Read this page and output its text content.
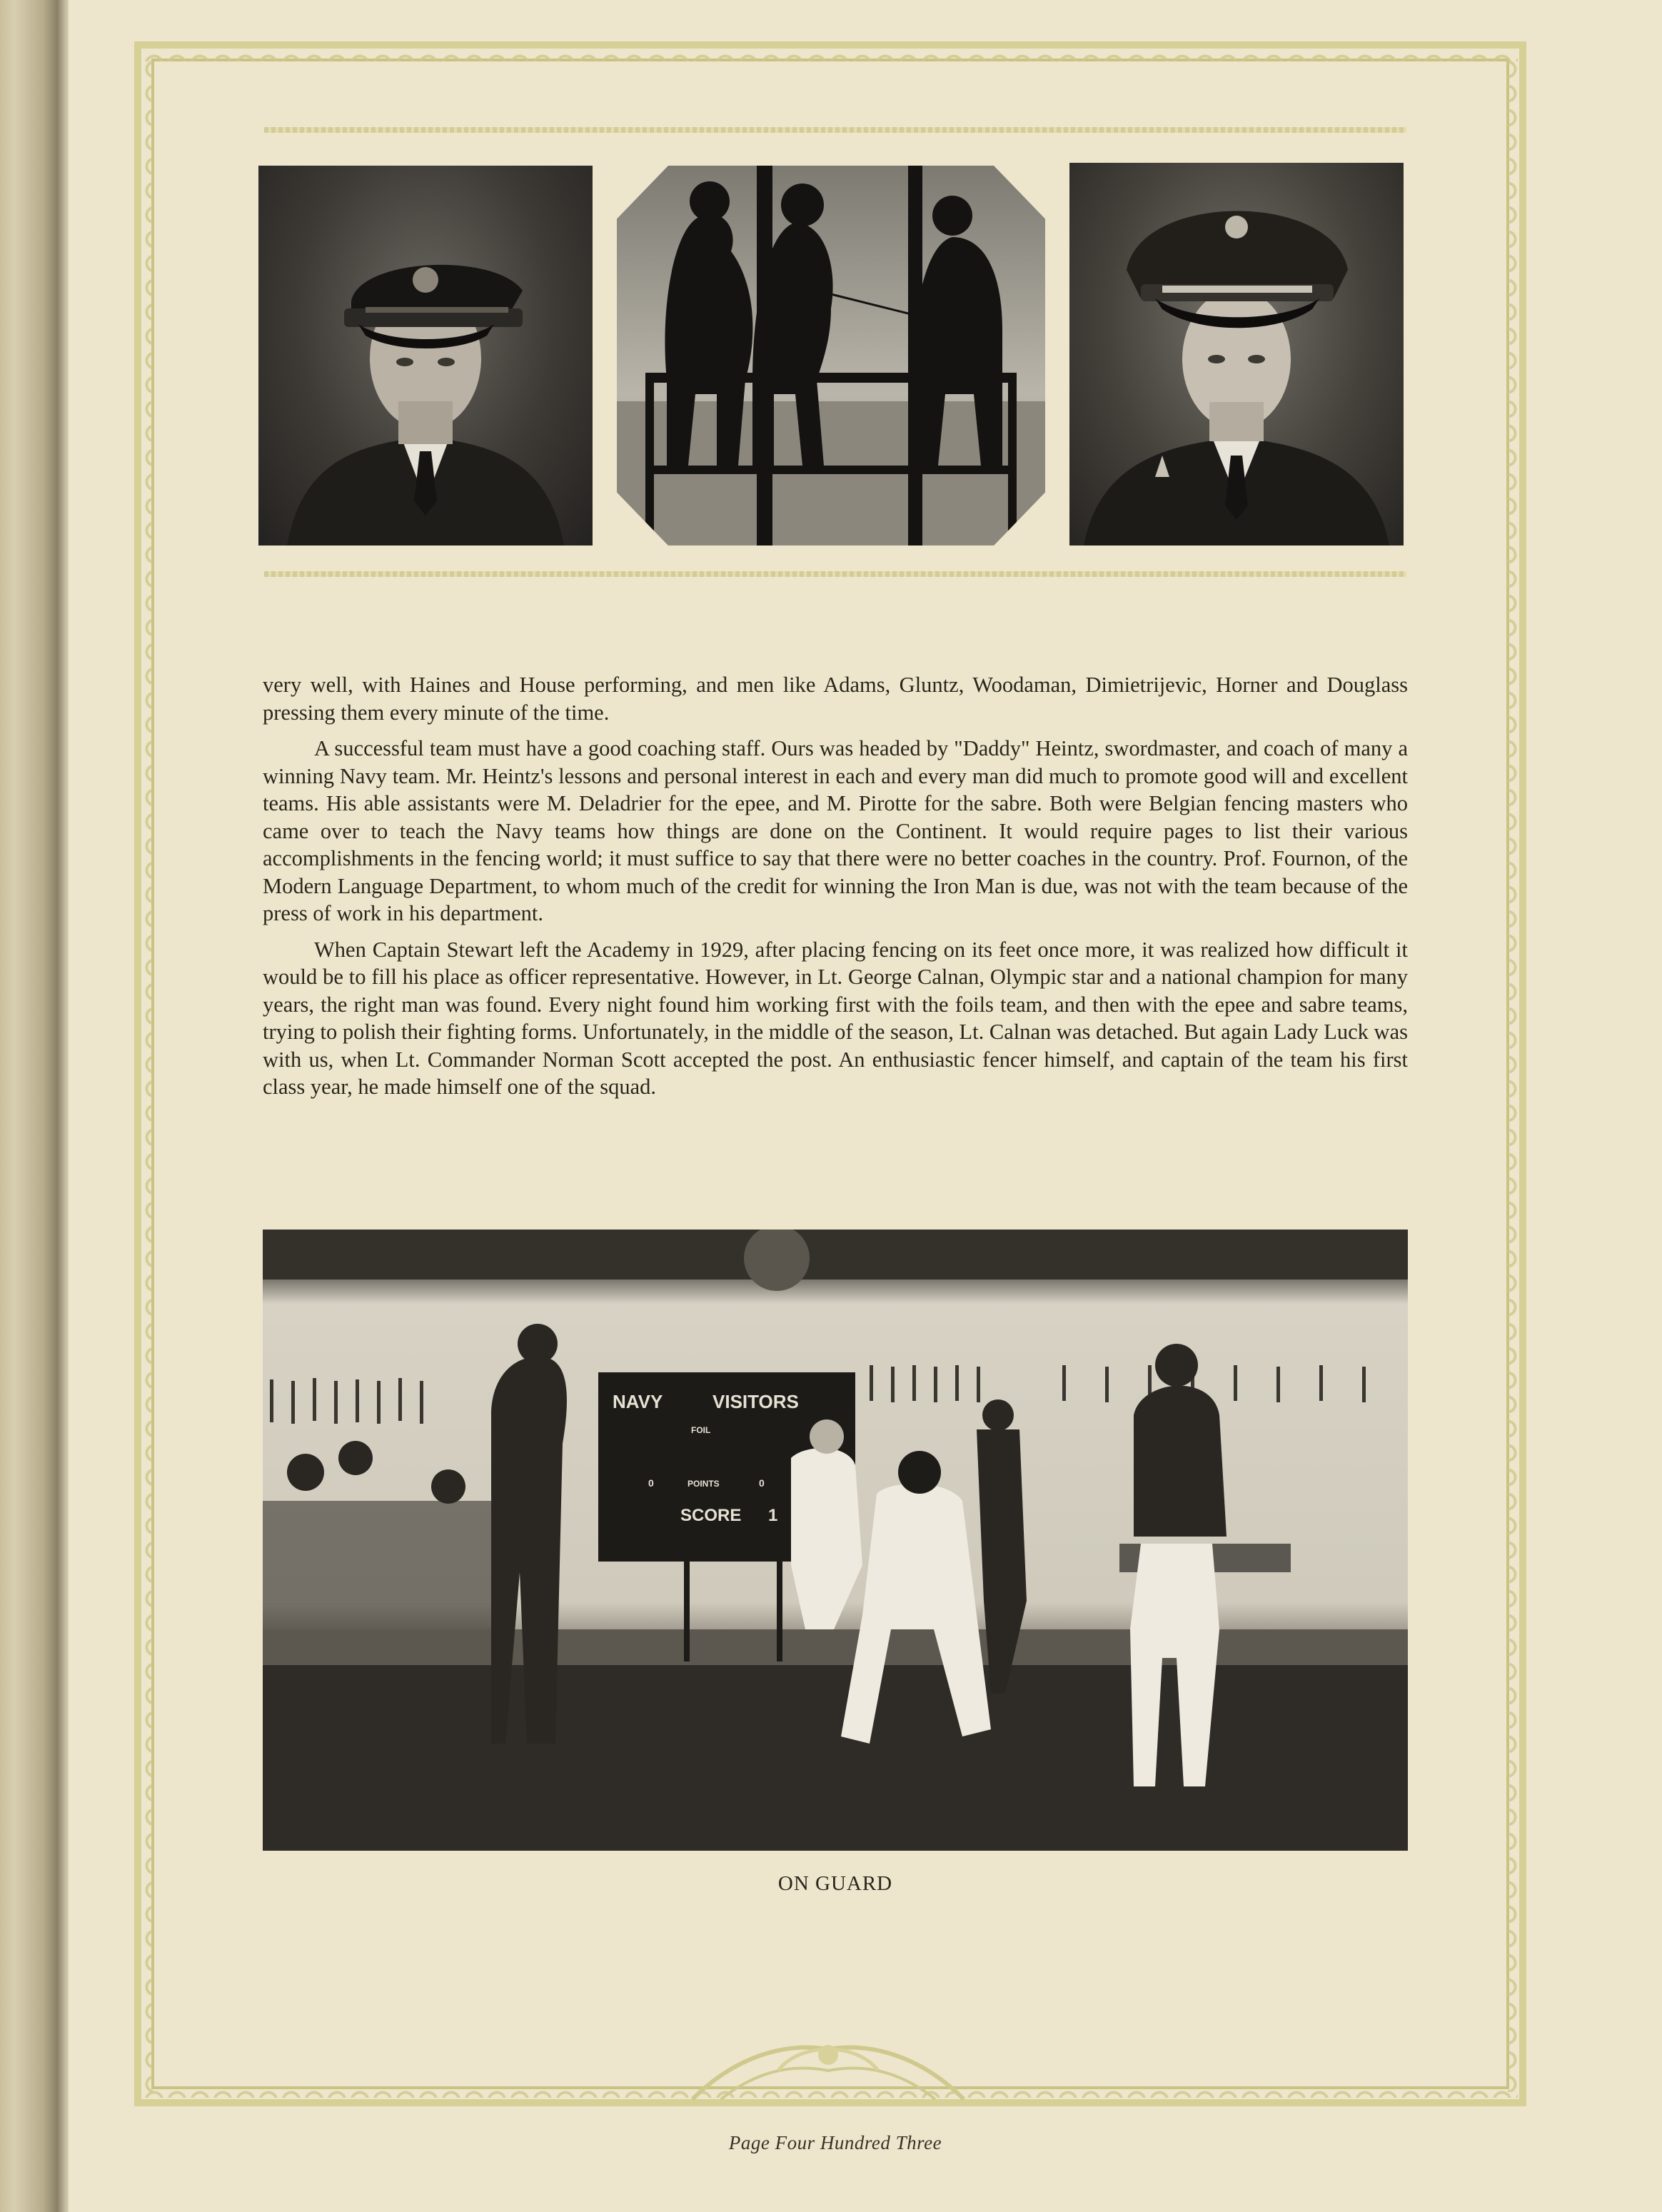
very well, with Haines and House performing, and men like Adams, Gluntz, Woodaman, Dimietrijevic, Horner and Douglass pressing them every minute of the time.

A successful team must have a good coaching staff. Ours was headed by "Daddy" Heintz, swordmaster, and coach of many a winning Navy team. Mr. Heintz's lessons and personal interest in each and every man did much to promote good will and excellent teams. His able assistants were M. Deladrier for the epee, and M. Pirotte for the sabre. Both were Belgian fencing masters who came over to teach the Navy teams how things are done on the Continent. It would require pages to list their various accomplishments in the fencing world; it must suffice to say that there were no better coaches in the country. Prof. Fournon, of the Modern Language Department, to whom much of the credit for winning the Iron Man is due, was not with the team because of the press of work in his department.

When Captain Stewart left the Academy in 1929, after placing fencing on its feet once more, it was realized how difficult it would be to fill his place as officer representative. However, in Lt. George Calnan, Olympic star and a national champion for many years, the right man was found. Every night found him working first with the foils team, and then with the epee and sabre teams, trying to polish their fighting forms. Unfortunately, in the middle of the season, Lt. Calnan was detached. But again Lady Luck was with us, when Lt. Commander Norman Scott accepted the post. An enthusiastic fencer himself, and captain of the team his first class year, he made himself one of the squad.

NAVY	VISITORS
FOIL
0	POINTS	0
SCORE 1
ON GUARD
Page Four Hundred Three
